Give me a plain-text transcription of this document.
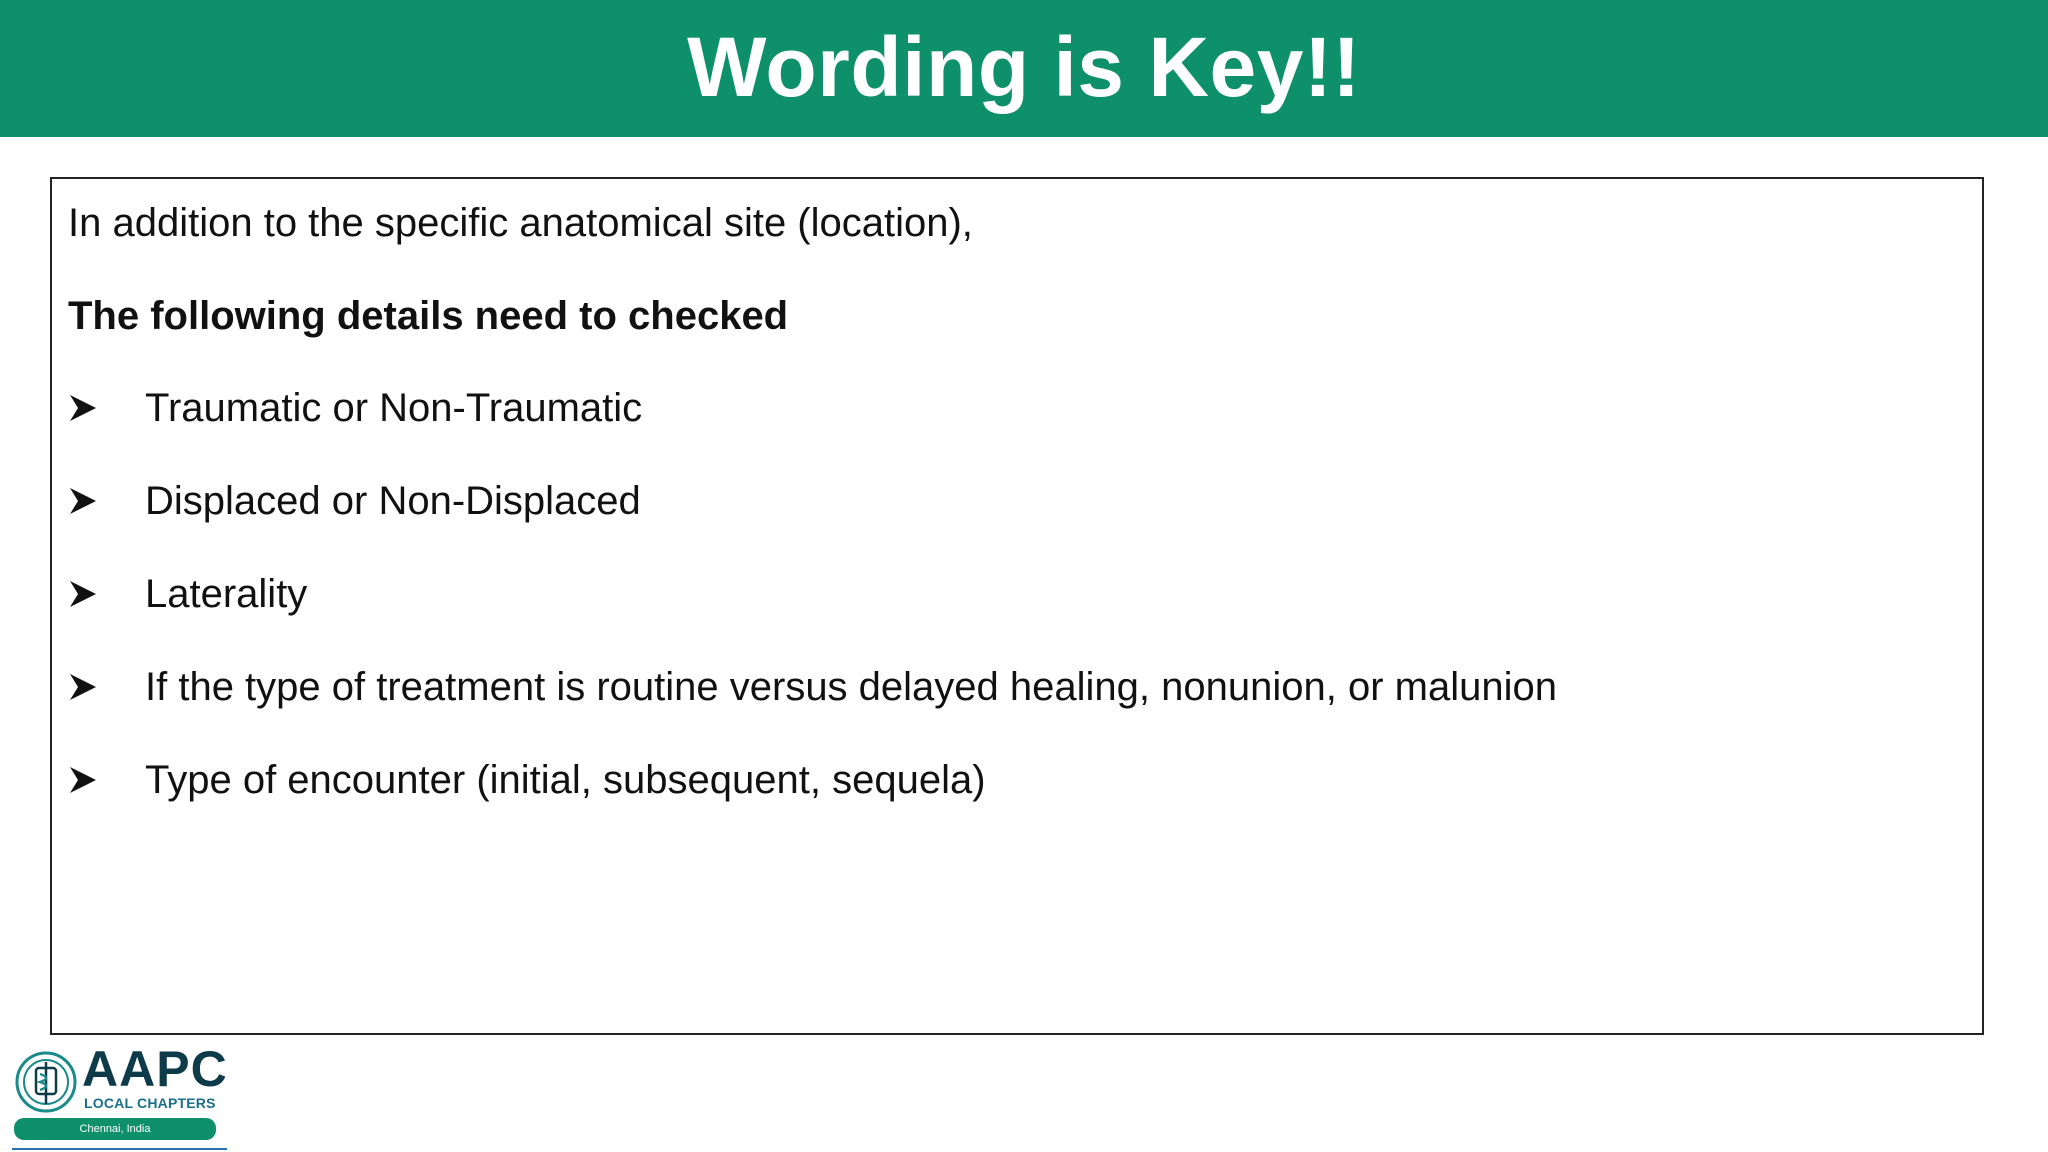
Wording is Key!!
In addition to the specific anatomical site (location),
The following details need to checked
Traumatic or Non-Traumatic
Displaced or Non-Displaced
Laterality
If the type of treatment is routine versus delayed healing, nonunion, or malunion
Type of encounter (initial, subsequent, sequela)
AAPC
LOCAL CHAPTERS
Chennai, India
